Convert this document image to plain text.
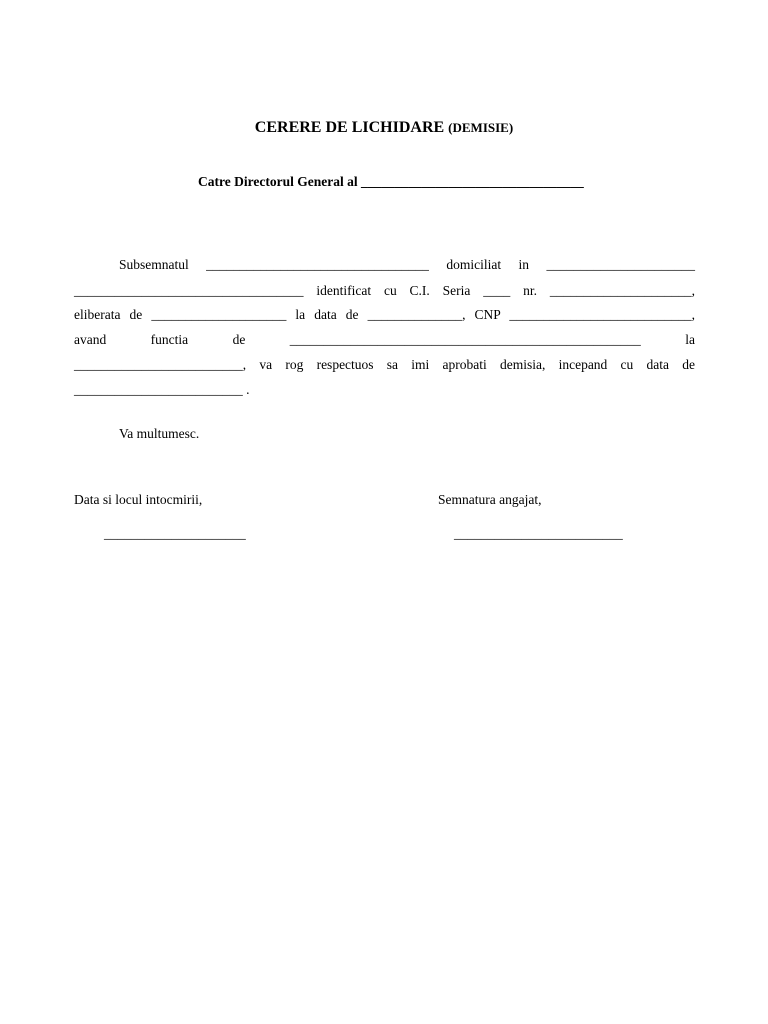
CERERE DE LICHIDARE (DEMISIE)
Catre Directorul General al _________________________________
Subsemnatul _________________________________ domiciliat in ______________________
__________________________________ identificat cu C.I. Seria ____ nr. _____________________,
eliberata de ____________________ la data de ______________, CNP ___________________________,
avand functia de ____________________________________________________ la
_________________________, va rog respectuos sa imi aprobati demisia, incepand cu data de
_________________________ .
Va multumesc.
Data si locul intocmirii,	Semnatura angajat,
_____________________	_________________________
